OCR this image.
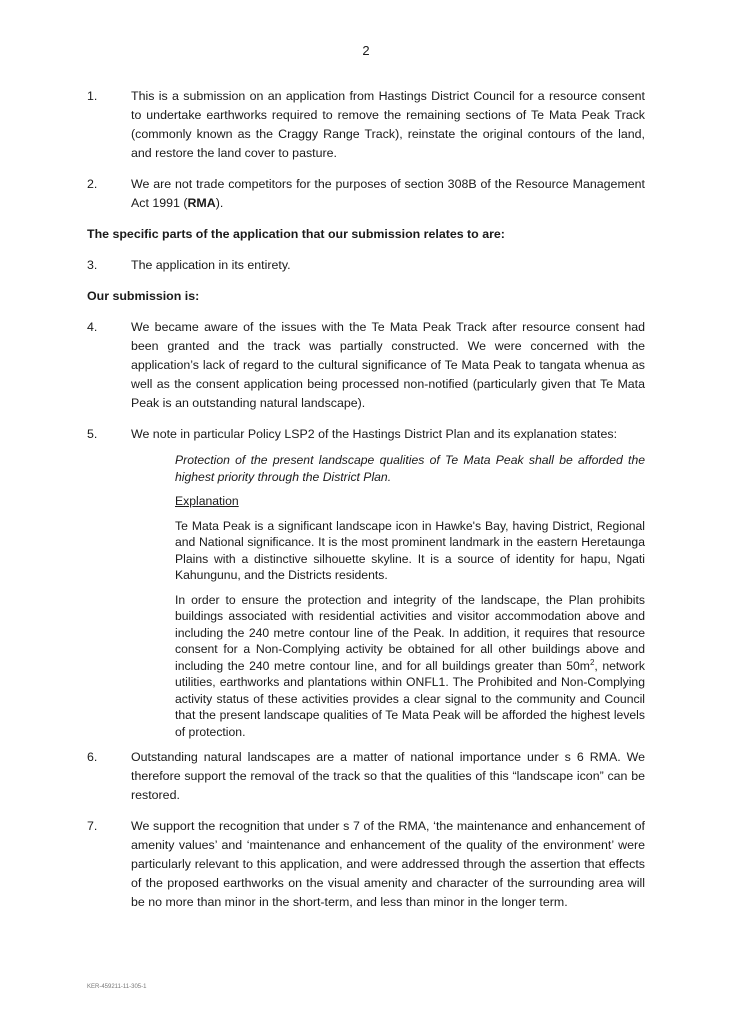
2
1.	This is a submission on an application from Hastings District Council for a resource consent to undertake earthworks required to remove the remaining sections of Te Mata Peak Track (commonly known as the Craggy Range Track), reinstate the original contours of the land, and restore the land cover to pasture.
2.	We are not trade competitors for the purposes of section 308B of the Resource Management Act 1991 (RMA).
The specific parts of the application that our submission relates to are:
3.	The application in its entirety.
Our submission is:
4.	We became aware of the issues with the Te Mata Peak Track after resource consent had been granted and the track was partially constructed. We were concerned with the application’s lack of regard to the cultural significance of Te Mata Peak to tangata whenua as well as the consent application being processed non-notified (particularly given that Te Mata Peak is an outstanding natural landscape).
5.	We note in particular Policy LSP2 of the Hastings District Plan and its explanation states:

Protection of the present landscape qualities of Te Mata Peak shall be afforded the highest priority through the District Plan.

Explanation

Te Mata Peak is a significant landscape icon in Hawke's Bay, having District, Regional and National significance. It is the most prominent landmark in the eastern Heretaunga Plains with a distinctive silhouette skyline. It is a source of identity for hapu, Ngati Kahungunu, and the Districts residents.

In order to ensure the protection and integrity of the landscape, the Plan prohibits buildings associated with residential activities and visitor accommodation above and including the 240 metre contour line of the Peak. In addition, it requires that resource consent for a Non-Complying activity be obtained for all other buildings above and including the 240 metre contour line, and for all buildings greater than $50m^2$, network utilities, earthworks and plantations within ONFL1. The Prohibited and Non-Complying activity status of these activities provides a clear signal to the community and Council that the present landscape qualities of Te Mata Peak will be afforded the highest levels of protection.

6.	Outstanding natural landscapes are a matter of national importance under s 6 RMA. We therefore support the removal of the track so that the qualities of this “landscape icon” can be restored.
7.	We support the recognition that under s 7 of the RMA, ‘the maintenance and enhancement of amenity values’ and ‘maintenance and enhancement of the quality of the environment’ were particularly relevant to this application, and were addressed through the assertion that effects of the proposed earthworks on the visual amenity and character of the surrounding area will be no more than minor in the short-term, and less than minor in the longer term.
KER-459211-11-305-1
